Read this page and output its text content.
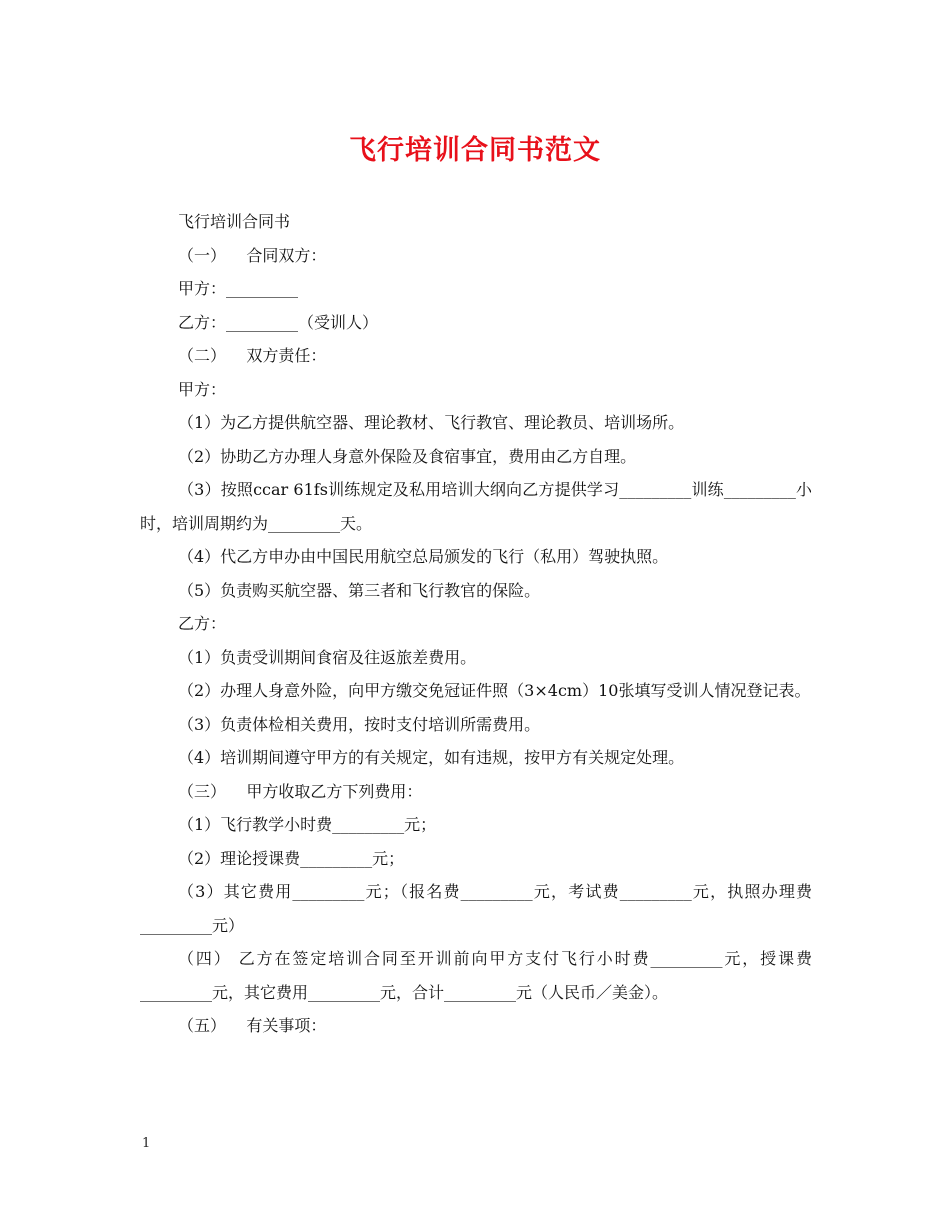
飞行培训合同书范文
飞行培训合同书
（一）    合同双方：
甲方：_________
乙方：_________（受训人）
（二）    双方责任：
甲方：
（1）为乙方提供航空器、理论教材、飞行教官、理论教员、培训场所。
（2）协助乙方办理人身意外保险及食宿事宜，费用由乙方自理。

（3）按照ccar 61fs训练规定及私用培训大纲向乙方提供学习_________训练_________小时，培训周期约为_________天。

（4）代乙方申办由中国民用航空总局颁发的飞行（私用）驾驶执照。
（5）负责购买航空器、第三者和飞行教官的保险。
乙方：
（1）负责受训期间食宿及往返旅差费用。

（2）办理人身意外险，向甲方缴交免冠证件照（3×4cm）10张填写受训人情况登记表。

（3）负责体检相关费用，按时支付培训所需费用。
（4）培训期间遵守甲方的有关规定，如有违规，按甲方有关规定处理。
（三）    甲方收取乙方下列费用：
（1）飞行教学小时费_________元；
（2）理论授课费_________元；

（3）其它费用_________元；（报名费_________元，考试费_________元，执照办理费_________元）

（四） 乙方在签定培训合同至开训前向甲方支付飞行小时费_________元，授课费_________元，其它费用_________元，合计_________元（人民币／美金）。

（五）    有关事项：
1
